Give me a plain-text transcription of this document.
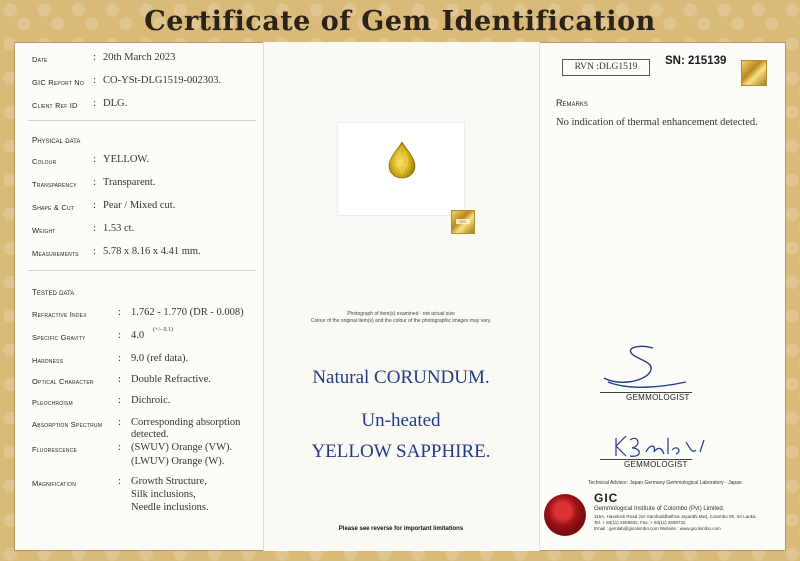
Certificate of Gem Identification
Date	: 20th March 2023
GIC Report No : CO-YSt-DLG1519-002303.
Client Ref ID : DLG.
Physical data
Colour	: YELLOW.
Transparency : Transparent.
Shape & Cut : Pear / Mixed cut.
Weight	: 1.53 ct.
Measurements : 5.78 x 8.16 x 4.41 mm.
Tested data
Refractive Index	: 1.762 - 1.770 (DR - 0.008)
Specific Gravity	: 4.0 (+/- 0.1)
Hardness	: 9.0 (ref data).
Optical Character : Double Refractive.
Pleochroism	: Dichroic.
Absorption Spectrum : Corresponding absorption
detected.
Fluorescence	: (SWUV) Orange (VW).
(LWUV) Orange (W).
Magnification	: Growth Structure,
Silk inclusions,
Needle inclusions.
GIC
Photograph of item(s) examined - not actual size
Colour of the original item(s) and the colour of the photographic images may vary.
Natural CORUNDUM.
Un-heated
YELLOW SAPPHIRE.
Please see reverse for important limitations
RVN :DLG1519	SN: 215139
Remarks
No indication of thermal enhancement detected.
GEMMOLOGIST
GEMMOLOGIST
Technical Advisor: Japan Germany Gemmological Laboratory - Japan
GIC
Gemmological Institute of Colombo (Pvt) Limited.
115A, Havelock Road (Sri Sambuddhathva Jayanthi Mw), Colombo 05, Sri Lanka.
Tel. + 94(11) 2508932, Fax. + 94(11) 2508732
Email : gemlab@gicolombo.com Website : www.gicolombo.com
